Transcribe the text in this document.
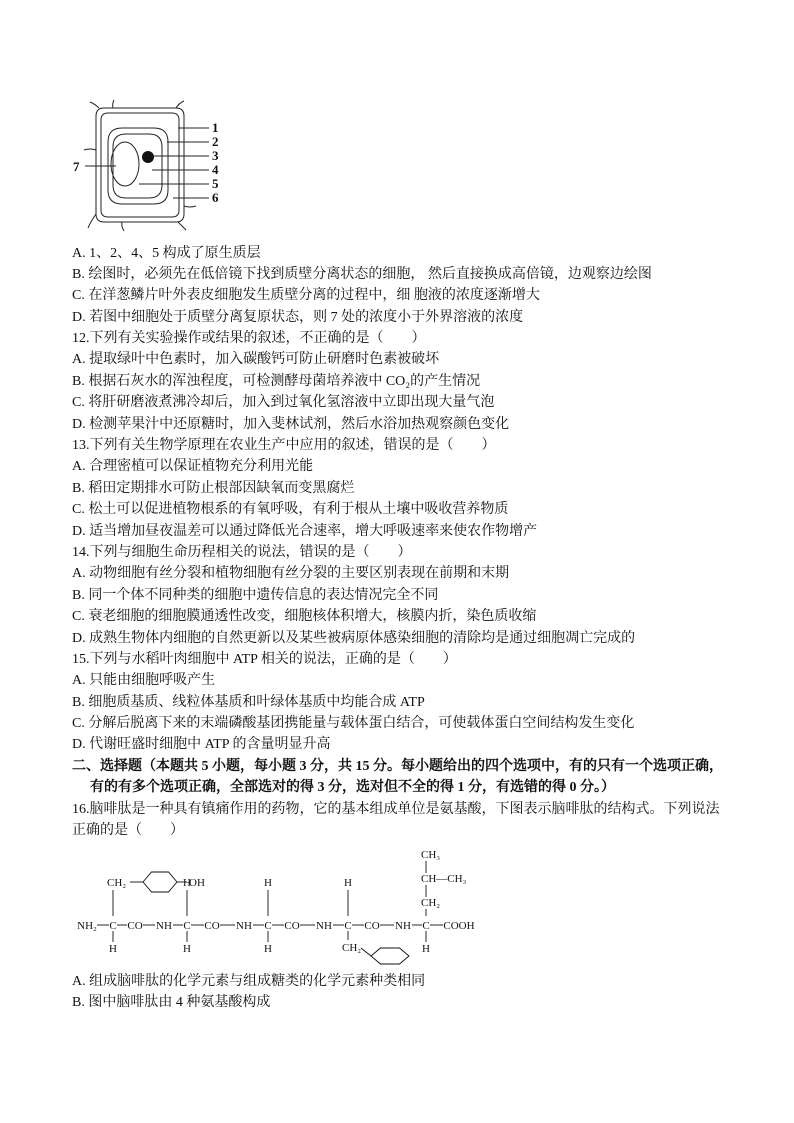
1
2
3
4
5
6
7
A. 1、2、4、5 构成了原生质层
B. 绘图时，必须先在低倍镜下找到质壁分离状态的细胞， 然后直接换成高倍镜，边观察边绘图
C. 在洋葱鳞片叶外表皮细胞发生质壁分离的过程中，细 胞液的浓度逐渐增大
D. 若图中细胞处于质壁分离复原状态，则 7 处的浓度小于外界溶液的浓度
12.下列有关实验操作或结果的叙述，不正确的是（　　）
A. 提取绿叶中色素时，加入碳酸钙可防止研磨时色素被破坏
B. 根据石灰水的浑浊程度，可检测酵母菌培养液中 CO₂的产生情况
C. 将肝研磨液煮沸冷却后，加入到过氧化氢溶液中立即出现大量气泡
D. 检测苹果汁中还原糖时，加入斐林试剂，然后水浴加热观察颜色变化
13.下列有关生物学原理在农业生产中应用的叙述，错误的是（　　）
A. 合理密植可以保证植物充分利用光能
B. 稻田定期排水可防止根部因缺氧而变黑腐烂
C. 松土可以促进植物根系的有氧呼吸，有利于根从土壤中吸收营养物质
D. 适当增加昼夜温差可以通过降低光合速率，增大呼吸速率来使农作物增产
14.下列与细胞生命历程相关的说法，错误的是（　　）
A. 动物细胞有丝分裂和植物细胞有丝分裂的主要区别表现在前期和末期
B. 同一个体不同种类的细胞中遗传信息的表达情况完全不同
C. 衰老细胞的细胞膜通透性改变，细胞核体积增大，核膜内折，染色质收缩
D. 成熟生物体内细胞的自然更新以及某些被病原体感染细胞的清除均是通过细胞凋亡完成的
15.下列与水稻叶肉细胞中 ATP 相关的说法，正确的是（　　）
A. 只能由细胞呼吸产生
B. 细胞质基质、线粒体基质和叶绿体基质中均能合成 ATP
C. 分解后脱离下来的末端磷酸基团携能量与载体蛋白结合，可使载体蛋白空间结构发生变化
D. 代谢旺盛时细胞中 ATP 的含量明显升高
二、选择题（本题共 5 小题，每小题 3 分，共 15 分。每小题给出的四个选项中，有的只有一个选项正确，
有的有多个选项正确，全部选对的得 3 分，选对但不全的得 1 分，有选错的得 0 分。）
16.脑啡肽是一种具有镇痛作用的药物，它的基本组成单位是氨基酸，下图表示脑啡肽的结构式。下列说法
正确的是（　　）
NH₂ C CO NH C CO NH C CO NH C CO NH C COOH
CH₂	OH
H	H	H
CH₃
CH—CH₃
CH₂
H	H	H	H
CH₂
A. 组成脑啡肽的化学元素与组成糖类的化学元素种类相同
B. 图中脑啡肽由 4 种氨基酸构成
